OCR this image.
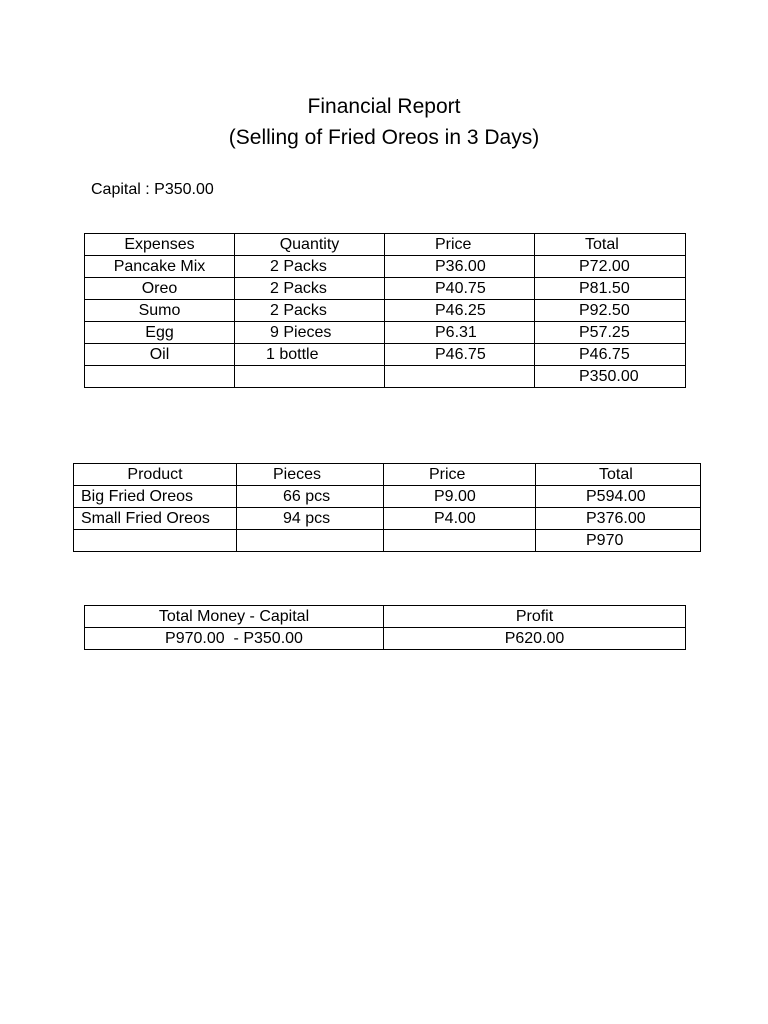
Financial Report
(Selling of Fried Oreos in 3 Days)
Capital : P350.00
Expenses	Quantity	Price	Total
Pancake Mix	2 Packs	P36.00	P72.00
Oreo	2 Packs	P40.75	P81.50
Sumo	2 Packs	P46.25	P92.50
Egg	9 Pieces	P6.31	P57.25
Oil	1 bottle	P46.75	P46.75
			P350.00
Product	Pieces	Price	Total
Big Fried Oreos	66 pcs	P9.00	P594.00
Small Fried Oreos	94 pcs	P4.00	P376.00
			P970
Total Money - Capital	Profit
P970.00  - P350.00	P620.00
